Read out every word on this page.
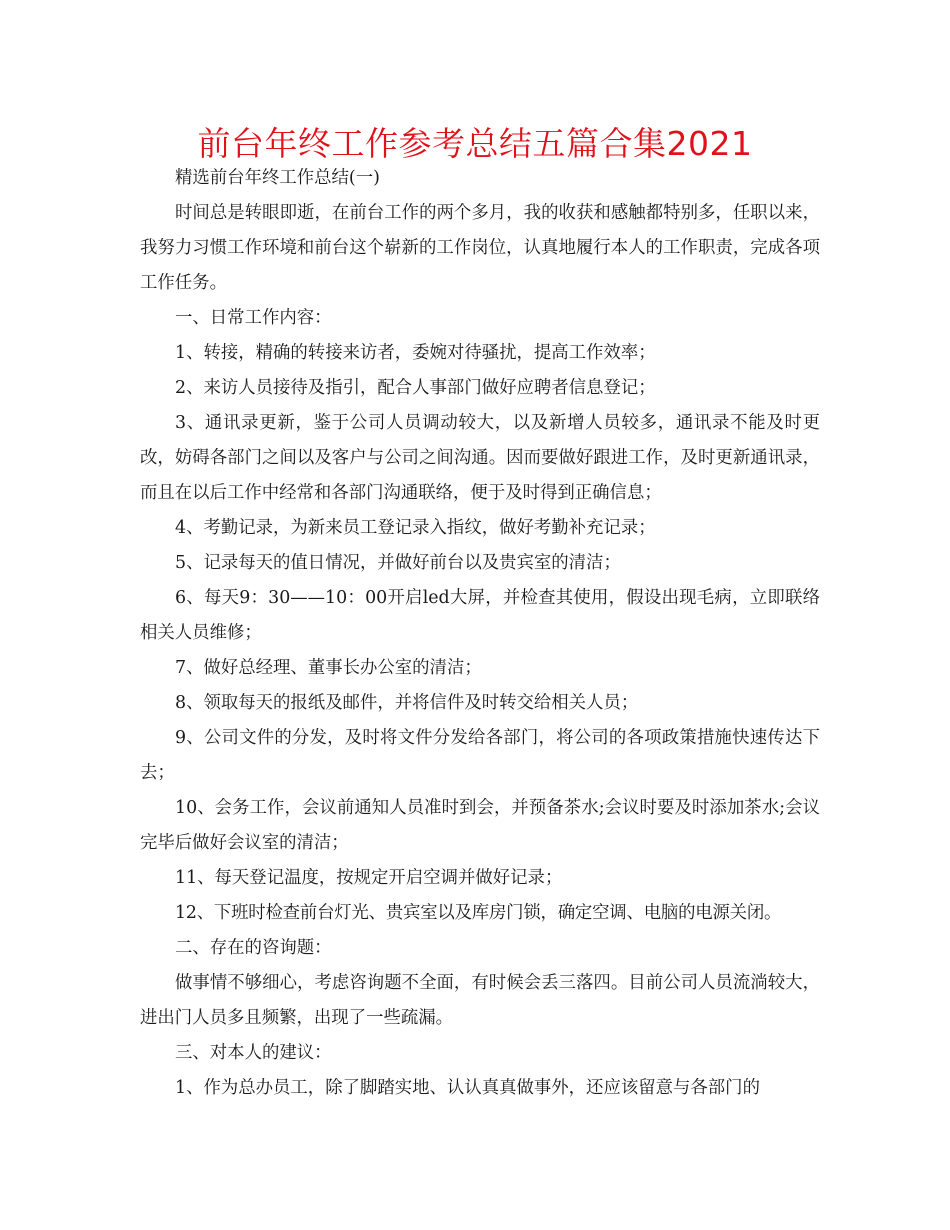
前台年终工作参考总结五篇合集2021

精选前台年终工作总结(一)

时间总是转眼即逝，在前台工作的两个多月，我的收获和感触都特别多，任职以来，我努力习惯工作环境和前台这个崭新的工作岗位，认真地履行本人的工作职责，完成各项工作任务。

一、日常工作内容：

1、转接，精确的转接来访者，委婉对待骚扰，提高工作效率；

2、来访人员接待及指引，配合人事部门做好应聘者信息登记；

3、通讯录更新，鉴于公司人员调动较大，以及新增人员较多，通讯录不能及时更改，妨碍各部门之间以及客户与公司之间沟通。因而要做好跟进工作，及时更新通讯录，而且在以后工作中经常和各部门沟通联络，便于及时得到正确信息；

4、考勤记录，为新来员工登记录入指纹，做好考勤补充记录；

5、记录每天的值日情况，并做好前台以及贵宾室的清洁；

6、每天9：30——10：00开启led大屏，并检查其使用，假设出现毛病，立即联络相关人员维修；

7、做好总经理、董事长办公室的清洁；

8、领取每天的报纸及邮件，并将信件及时转交给相关人员；

9、公司文件的分发，及时将文件分发给各部门，将公司的各项政策措施快速传达下去；

10、会务工作，会议前通知人员准时到会，并预备茶水;会议时要及时添加茶水;会议完毕后做好会议室的清洁；

11、每天登记温度，按规定开启空调并做好记录；

12、下班时检查前台灯光、贵宾室以及库房门锁，确定空调、电脑的电源关闭。

二、存在的咨询题：

做事情不够细心，考虑咨询题不全面，有时候会丢三落四。目前公司人员流淌较大，进出门人员多且频繁，出现了一些疏漏。

三、对本人的建议：

1、作为总办员工，除了脚踏实地、认认真真做事外，还应该留意与各部门的
